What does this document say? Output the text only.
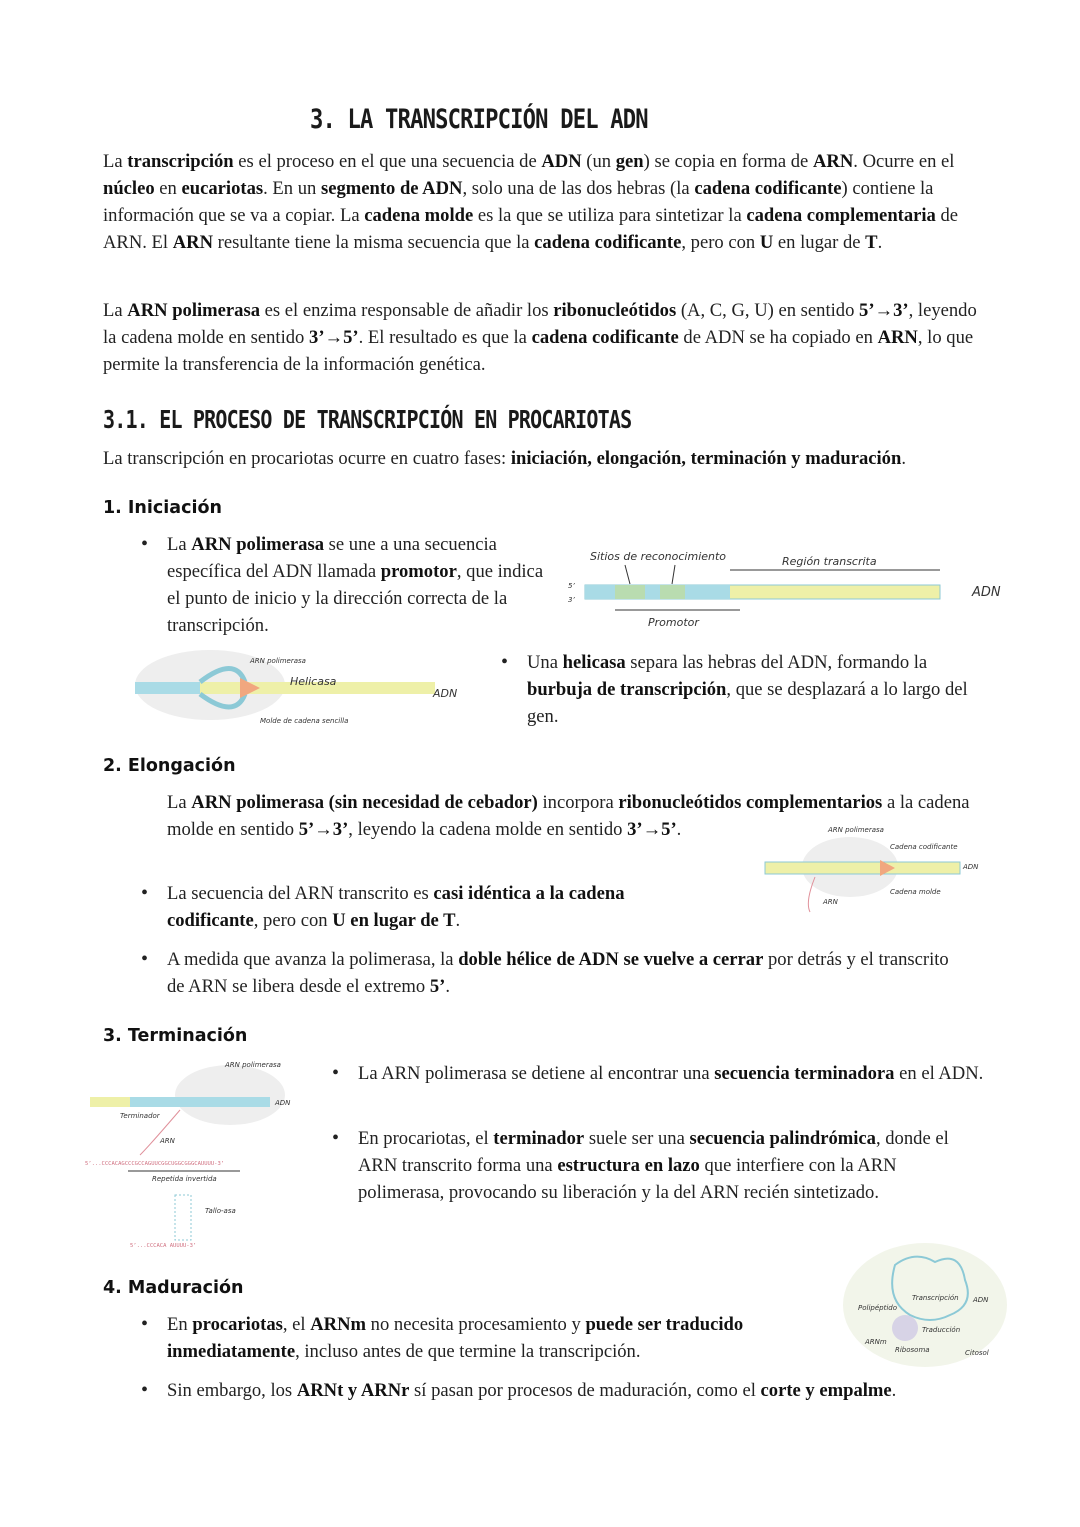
3. LA TRANSCRIPCIÓN DEL ADN
La transcripción es el proceso en el que una secuencia de ADN (un gen) se copia en forma de ARN. Ocurre en el núcleo en eucariotas. En un segmento de ADN, solo una de las dos hebras (la cadena codificante) contiene la información que se va a copiar. La cadena molde es la que se utiliza para sintetizar la cadena complementaria de ARN. El ARN resultante tiene la misma secuencia que la cadena codificante, pero con U en lugar de T.
La ARN polimerasa es el enzima responsable de añadir los ribonucleótidos (A, C, G, U) en sentido 5’→3’, leyendo la cadena molde en sentido 3’→5’. El resultado es que la cadena codificante de ADN se ha copiado en ARN, lo que permite la transferencia de la información genética.
3.1. EL PROCESO DE TRANSCRIPCIÓN EN PROCARIOTAS
La transcripción en procariotas ocurre en cuatro fases: iniciación, elongación, terminación y maduración.
1. Iniciación
• La ARN polimerasa se une a una secuencia específica del ADN llamada promotor, que indica el punto de inicio y la dirección correcta de la transcripción.
• Una helicasa separa las hebras del ADN, formando la burbuja de transcripción, que se desplazará a lo largo del gen.
Sitios de reconocimiento	Región transcrita
Promotor
ADN
5’
3’
ARN polimerasa
Helicasa
Molde de cadena sencilla
ADN
2. Elongación
La ARN polimerasa (sin necesidad de cebador) incorpora ribonucleótidos complementarios a la cadena molde en sentido 5’→3’, leyendo la cadena molde en sentido 3’→5’.
• La secuencia del ARN transcrito es casi idéntica a la cadena codificante, pero con U en lugar de T.
• A medida que avanza la polimerasa, la doble hélice de ADN se vuelve a cerrar por detrás y el transcrito de ARN se libera desde el extremo 5’.
ARN polimerasa
Cadena codificante
Cadena molde
ARN
ADN
3. Terminación
• La ARN polimerasa se detiene al encontrar una secuencia terminadora en el ADN.
• En procariotas, el terminador suele ser una secuencia palindrómica, donde el ARN transcrito forma una estructura en lazo que interfiere con la ARN polimerasa, provocando su liberación y la del ARN recién sintetizado.
ARN polimerasa
ADN
Terminador
ARN
5’...CCCACAGCCCGCCAGUUCGGCUGGCGGGCAUUUU-3’
Repetida invertida
Tallo-asa
5’...CCCACA AUUUU-3’
4. Maduración
• En procariotas, el ARNm no necesita procesamiento y puede ser traducido inmediatamente, incluso antes de que termine la transcripción.
• Sin embargo, los ARNt y ARNr sí pasan por procesos de maduración, como el corte y empalme.
Transcripción ADN
Polipéptido
Traducción
ARNm
Ribosoma	Citosol
